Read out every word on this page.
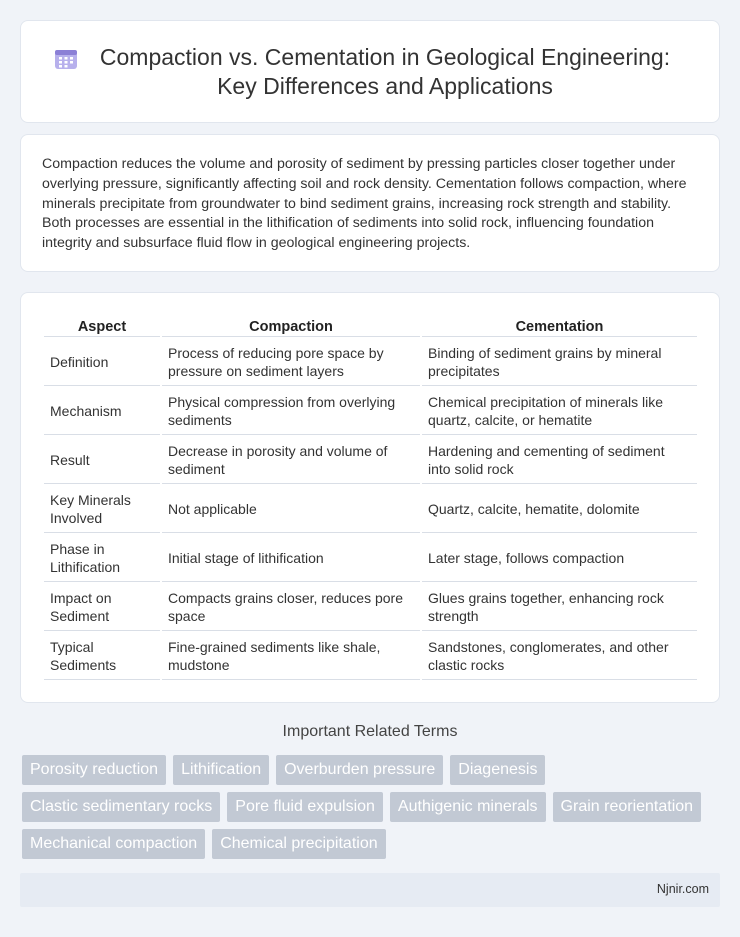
Compaction vs. Cementation in Geological Engineering: Key Differences and Applications

Compaction reduces the volume and porosity of sediment by pressing particles closer together under overlying pressure, significantly affecting soil and rock density. Cementation follows compaction, where minerals precipitate from groundwater to bind sediment grains, increasing rock strength and stability. Both processes are essential in the lithification of sediments into solid rock, influencing foundation integrity and subsurface fluid flow in geological engineering projects.

Aspect	Compaction	Cementation
Definition	Process of reducing pore space by pressure on sediment layers	Binding of sediment grains by mineral precipitates
Mechanism	Physical compression from overlying sediments	Chemical precipitation of minerals like quartz, calcite, or hematite
Result	Decrease in porosity and volume of sediment	Hardening and cementing of sediment into solid rock
Key Minerals Involved	Not applicable	Quartz, calcite, hematite, dolomite
Phase in Lithification	Initial stage of lithification	Later stage, follows compaction
Impact on Sediment	Compacts grains closer, reduces pore space	Glues grains together, enhancing rock strength
Typical Sediments	Fine-grained sediments like shale, mudstone	Sandstones, conglomerates, and other clastic rocks
Important Related Terms
Porosity reduction	Lithification	Overburden pressure	Diagenesis
Clastic sedimentary rocks	Pore fluid expulsion	Authigenic minerals	Grain reorientation
Mechanical compaction	Chemical precipitation
Njnir.com
